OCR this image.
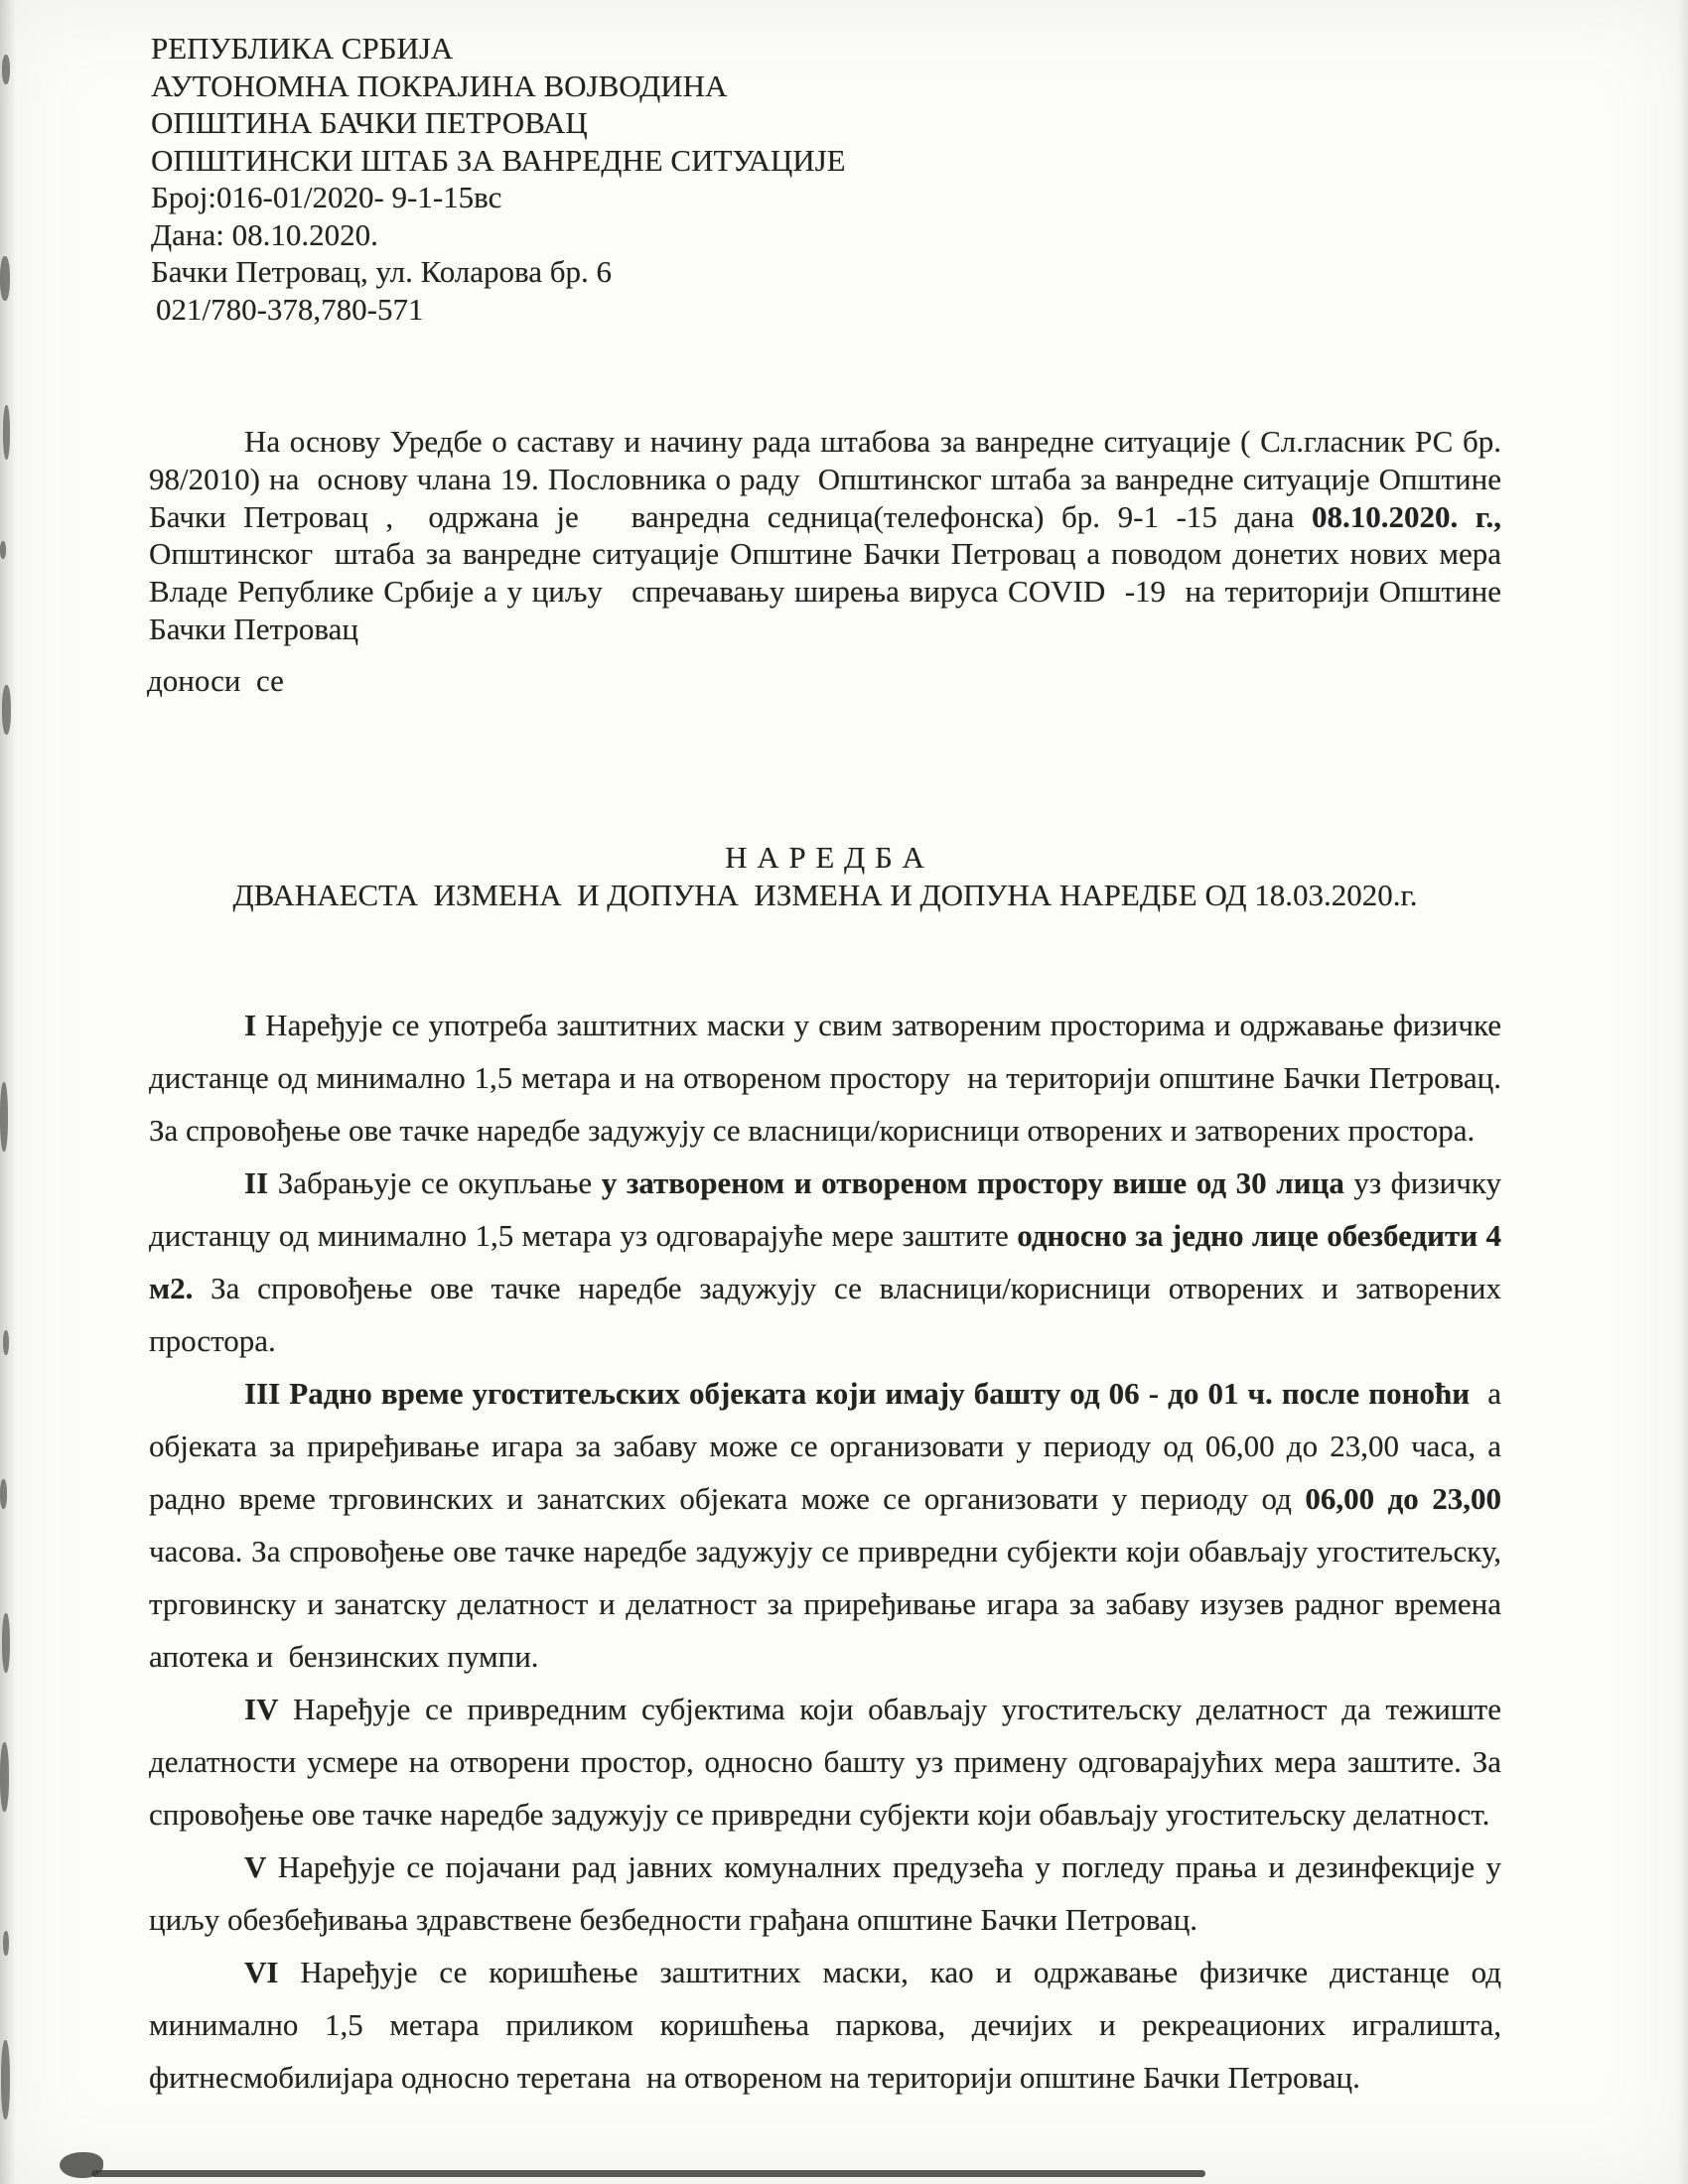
РЕПУБЛИКА СРБИЈА
АУТОНОМНА ПОКРАЈИНА ВОЈВОДИНА
ОПШТИНА БАЧКИ ПЕТРОВАЦ
ОПШТИНСКИ ШТАБ ЗА ВАНРЕДНЕ СИТУАЦИЈЕ
Број:016-01/2020- 9-1-15вс
Дана: 08.10.2020.
Бачки Петровац, ул. Коларова бр. 6
021/780-378,780-571

На основу Уредбе о саставу и начину рада штабова за ванредне ситуације ( Сл.гласник РС бр. 98/2010) на  основу члана 19. Пословника о раду  Општинског штаба за ванредне ситуације Општине Бачки Петровац ,  одржана је   ванредна седница(телефонска) бр. 9-1 -15 дана 08.10.2020. г., Општинског  штаба за ванредне ситуације Општине Бачки Петровац а поводом донетих нових мера Владе Републике Србије а у циљу   спречавању ширења вируса COVID  -19  на територији Општине Бачки Петровац

доноси  се

Н А Р Е Д Б А
ДВАНАЕСТА  ИЗМЕНА  И ДОПУНА  ИЗМЕНА И ДОПУНА НАРЕДБЕ ОД 18.03.2020.г.

I Наређује се употреба заштитних маски у свим затвореним просторима и одржавање физичке дистанце од минимално 1,5 метара и на отвореном простору  на територији општине Бачки Петровац. За спровођење ове тачке наредбе задужују се власници/корисници отворених и затворених простора.

II Забрањује се окупљање у затвореном и отвореном простору више од 30 лица уз физичку дистанцу од минимално 1,5 метара уз одговарајуће мере заштите односно за једно лице обезбедити 4 м2. За спровођење ове тачке наредбе задужују се власници/корисници отворених и затворених простора.

III Радно време угоститељских објеката који имају башту од 06 - до 01 ч. после поноћи  а објеката за приређивање игара за забаву може се организовати у периоду од 06,00 до 23,00 часа, а радно време трговинских и занатских објеката може се организовати у периоду од 06,00 до 23,00 часова. За спровођење ове тачке наредбе задужују се привредни субјекти који обављају угоститељску, трговинску и занатску делатност и делатност за приређивање игара за забаву изузев радног времена апотека и  бензинских пумпи.

IV Наређује се привредним субјектима који обављају угоститељску делатност да тежиште делатности усмере на отворени простор, односно башту уз примену одговарајућих мера заштите. За спровођење ове тачке наредбе задужују се привредни субјекти који обављају угоститељску делатност.

V Наређује се појачани рад јавних комуналних предузећа у погледу прања и дезинфекције у циљу обезбеђивања здравствене безбедности грађана општине Бачки Петровац.

VI Наређује се коришћење заштитних маски, као и одржавање физичке дистанце од минимално 1,5 метара приликом коришћења паркова, дечијих и рекреационих игралишта, фитнесмобилијара односно теретана  на отвореном на територији општине Бачки Петровац.
